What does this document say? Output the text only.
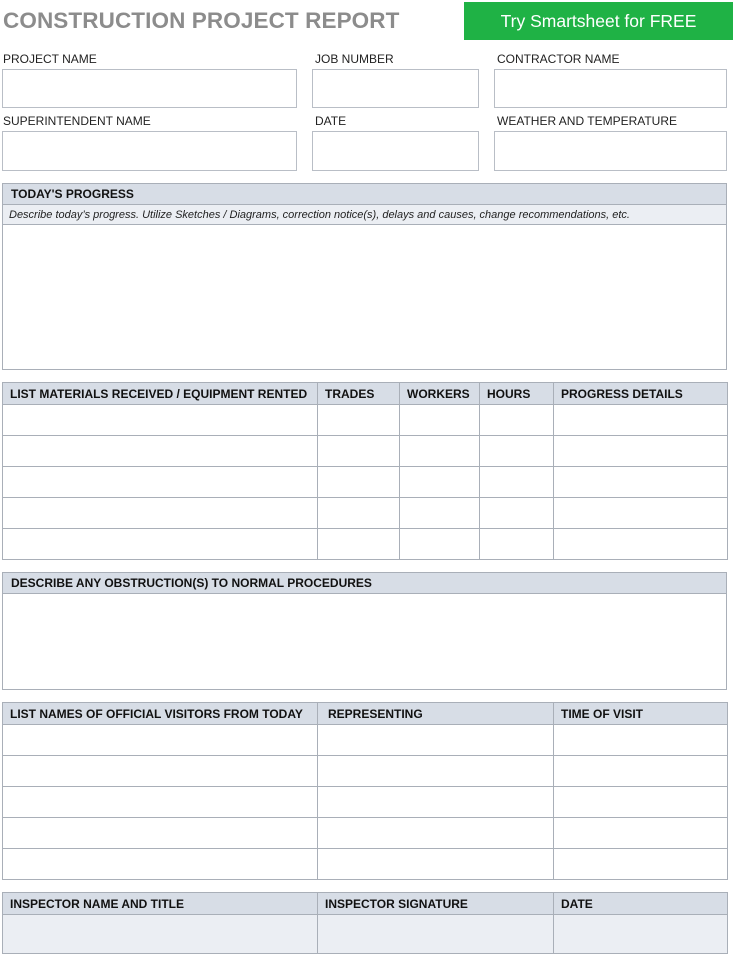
CONSTRUCTION PROJECT REPORT	Try Smartsheet for FREE
PROJECT NAME	JOB NUMBER	CONTRACTOR NAME
SUPERINTENDENT NAME	DATE	WEATHER AND TEMPERATURE
TODAY'S PROGRESS
Describe today’s progress. Utilize Sketches / Diagrams, correction notice(s), delays and causes, change recommendations, etc.
LIST MATERIALS RECEIVED / EQUIPMENT RENTED	TRADES	WORKERS	HOURS	PROGRESS DETAILS

DESCRIBE ANY OBSTRUCTION(S) TO NORMAL PROCEDURES
LIST NAMES OF OFFICIAL VISITORS FROM TODAY	REPRESENTING	TIME OF VISIT

INSPECTOR NAME AND TITLE	INSPECTOR SIGNATURE	DATE
